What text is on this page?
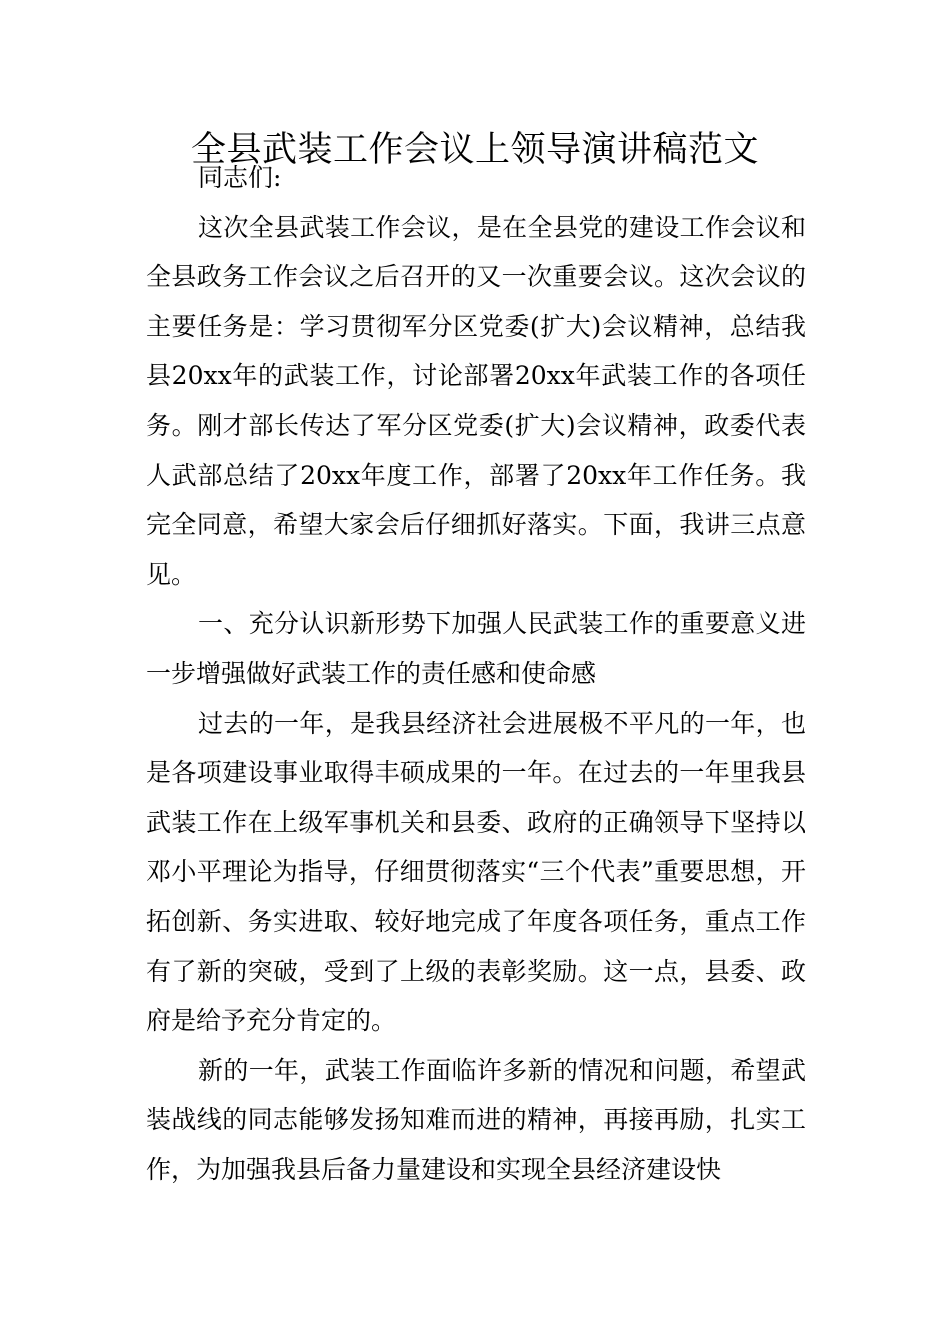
全县武装工作会议上领导演讲稿范文

同志们:

这次全县武装工作会议，是在全县党的建设工作会议和全县政务工作会议之后召开的又一次重要会议。这次会议的主要任务是：学习贯彻军分区党委(扩大)会议精神，总结我县20xx年的武装工作，讨论部署20xx年武装工作的各项任务。刚才部长传达了军分区党委(扩大)会议精神，政委代表人武部总结了20xx年度工作，部署了20xx年工作任务。我完全同意，希望大家会后仔细抓好落实。下面，我讲三点意见。

一、充分认识新形势下加强人民武装工作的重要意义进一步增强做好武装工作的责任感和使命感

过去的一年，是我县经济社会进展极不平凡的一年，也是各项建设事业取得丰硕成果的一年。在过去的一年里我县武装工作在上级军事机关和县委、政府的正确领导下坚持以邓小平理论为指导，仔细贯彻落实“三个代表”重要思想，开拓创新、务实进取、较好地完成了年度各项任务，重点工作有了新的突破，受到了上级的表彰奖励。这一点，县委、政府是给予充分肯定的。

新的一年，武装工作面临许多新的情况和问题，希望武装战线的同志能够发扬知难而进的精神，再接再励，扎实工作，为加强我县后备力量建设和实现全县经济建设快
